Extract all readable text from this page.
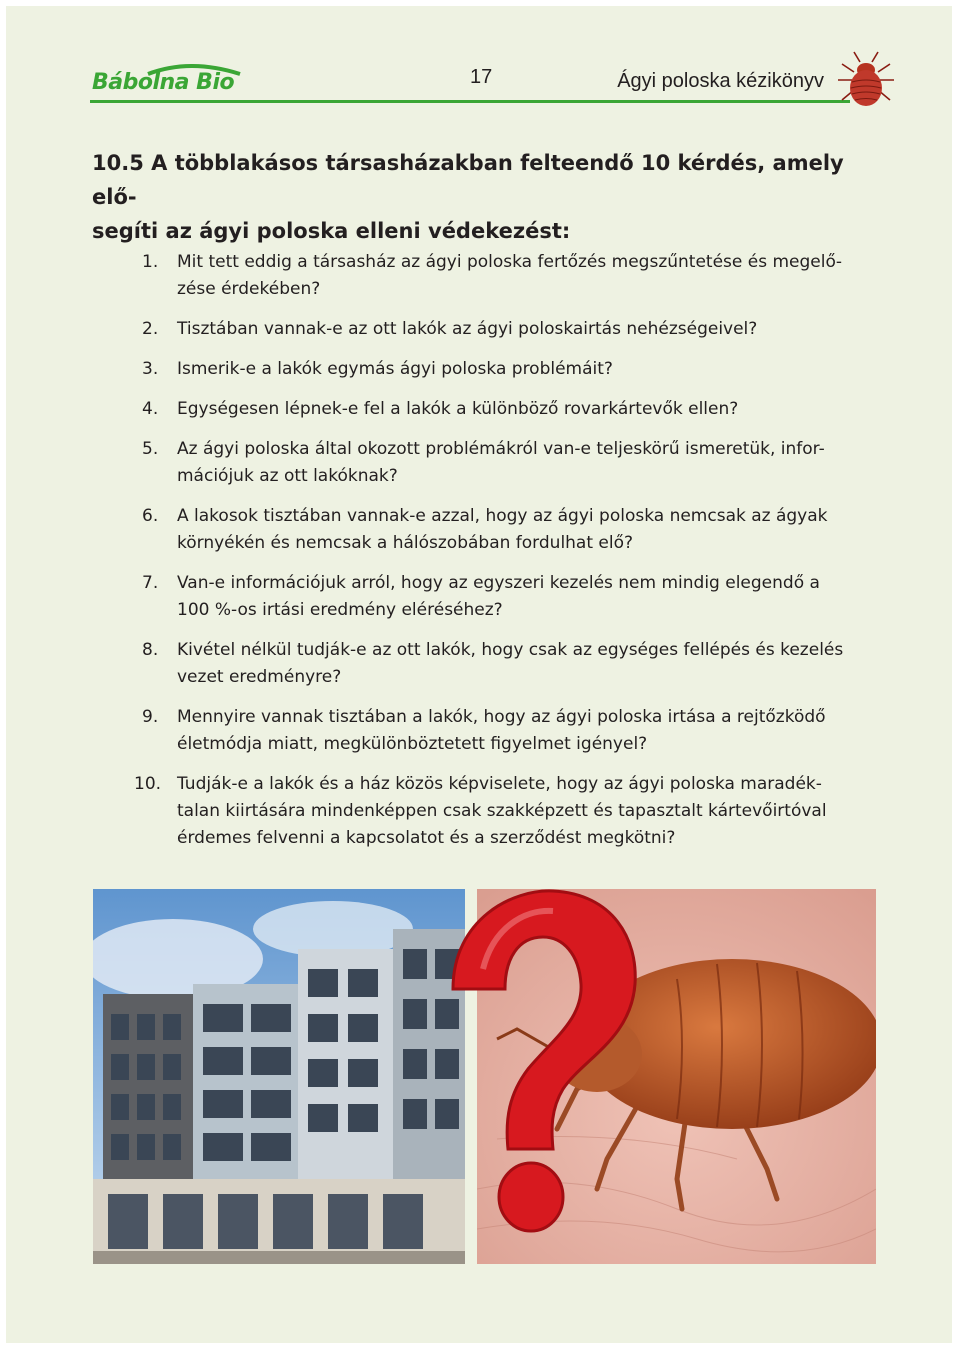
Bábolna Bio	17	Ágyi poloska kézikönyv
10.5 A többlakásos társasházakban felteendő 10 kérdés, amely elő-
segíti az ágyi poloska elleni védekezést:
1. Mit tett eddig a társasház az ágyi poloska fertőzés megszűntetése és megelő-
zése érdekében?
2. Tisztában vannak-e az ott lakók az ágyi poloskairtás nehézségeivel?
3. Ismerik-e a lakók egymás ágyi poloska problémáit?
4. Egységesen lépnek-e fel a lakók a különböző rovarkártevők ellen?
5. Az ágyi poloska által okozott problémákról van-e teljeskörű ismeretük, infor-
mációjuk az ott lakóknak?
6. A lakosok tisztában vannak-e azzal, hogy az ágyi poloska nemcsak az ágyak
környékén és nemcsak a hálószobában fordulhat elő?
7. Van-e információjuk arról, hogy az egyszeri kezelés nem mindig elegendő a
100 %-os irtási eredmény eléréséhez?
8. Kivétel nélkül tudják-e az ott lakók, hogy csak az egységes fellépés és kezelés
vezet eredményre?
9. Mennyire vannak tisztában a lakók, hogy az ágyi poloska irtása a rejtőzködő
életmódja miatt, megkülönböztetett figyelmet igényel?
10. Tudják-e a lakók és a ház közös képviselete, hogy az ágyi poloska maradék-
talan kiirtására mindenképpen csak szakképzett és tapasztalt kártevőirtóval
érdemes felvenni a kapcsolatot és a szerződést megkötni?
